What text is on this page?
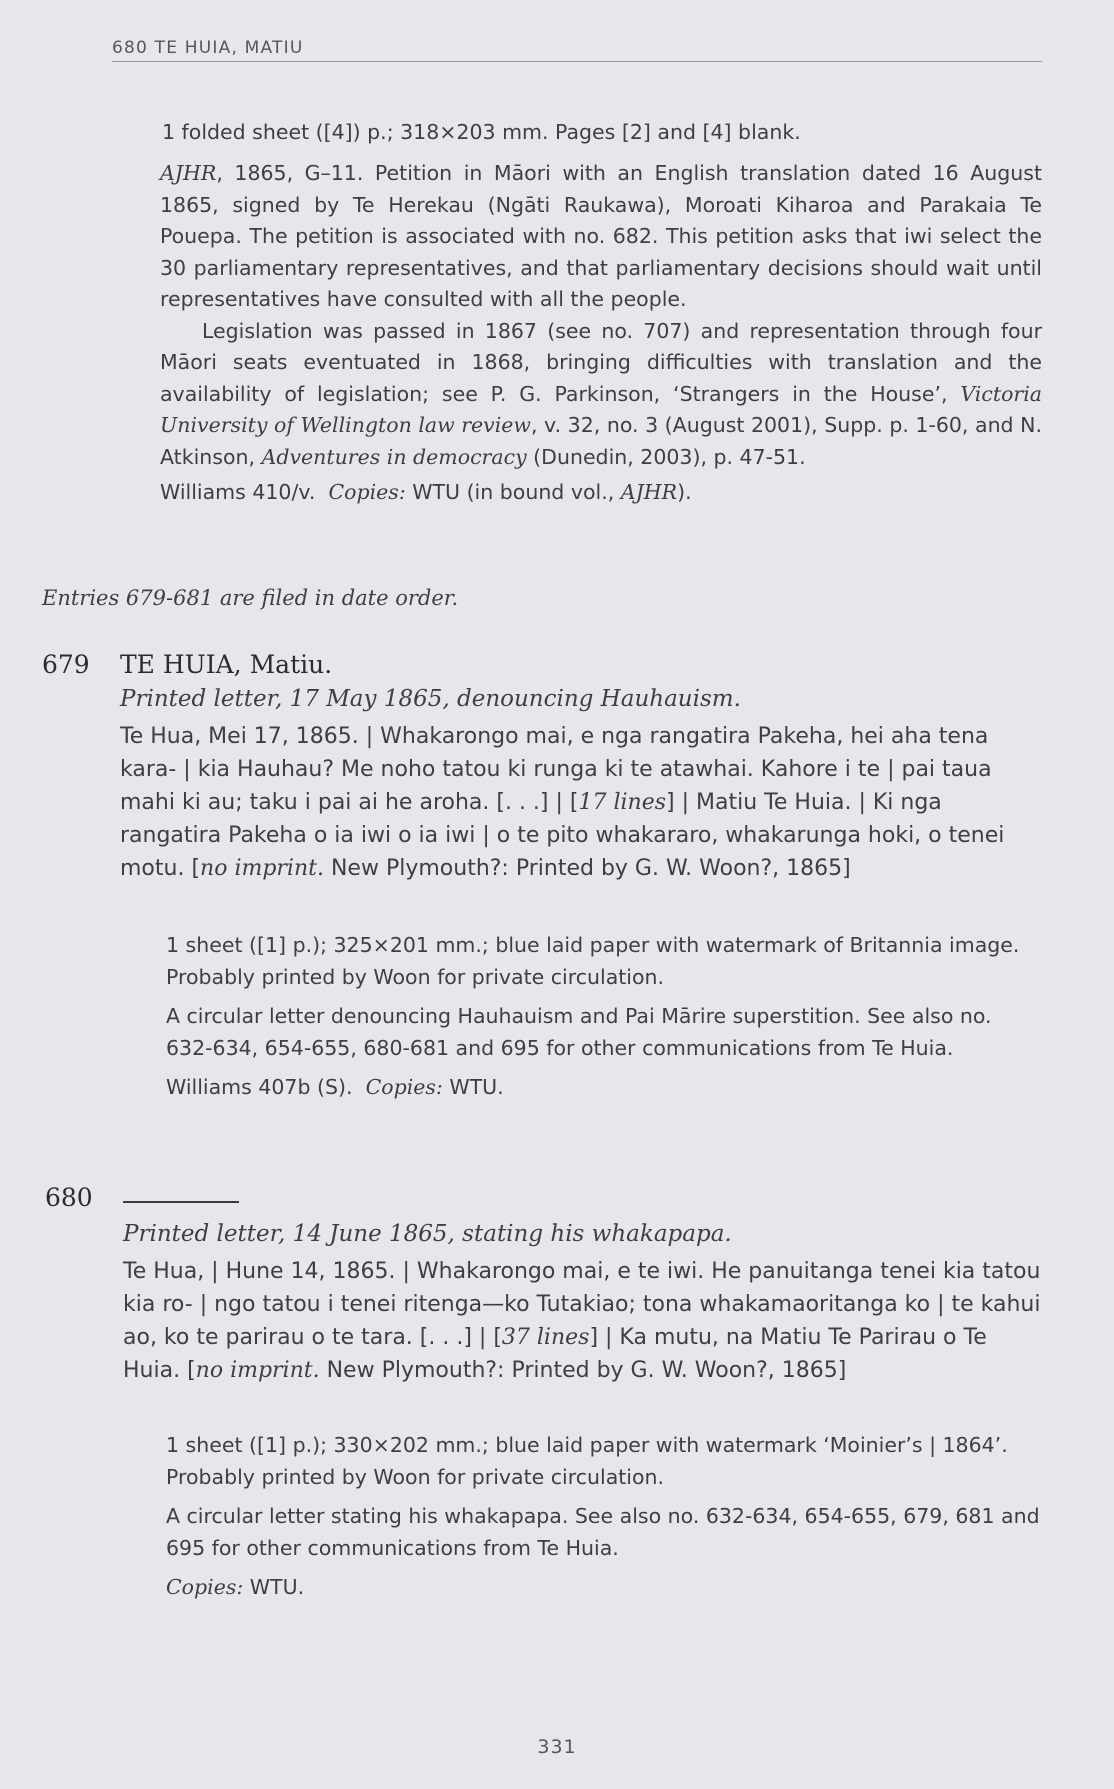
680 TE HUIA, MATIU

1 folded sheet ([4]) p.; 318×203 mm. Pages [2] and [4] blank.

AJHR, 1865, G–11. Petition in Māori with an English translation dated 16 August 1865, signed by Te Herekau (Ngāti Raukawa), Moroati Kiharoa and Parakaia Te Pouepa. The petition is associated with no. 682. This petition asks that iwi select the 30 parliamentary representatives, and that parliamentary decisions should wait until representatives have consulted with all the people.

Legislation was passed in 1867 (see no. 707) and representation through four Māori seats eventuated in 1868, bringing difficulties with translation and the availability of legislation; see P. G. Parkinson, ‘Strangers in the House’, Victoria University of Wellington law review, v. 32, no. 3 (August 2001), Supp. p. 1-60, and N. Atkinson, Adventures in democracy (Dunedin, 2003), p. 47-51.

Williams 410/v. Copies: WTU (in bound vol., AJHR).

Entries 679-681 are filed in date order.
679 TE HUIA, Matiu.
Printed letter, 17 May 1865, denouncing Hauhauism.

Te Hua, Mei 17, 1865. | Whakarongo mai, e nga rangatira Pakeha, hei aha tena kara- | kia Hauhau? Me noho tatou ki runga ki te atawhai. Kahore i te | pai taua mahi ki au; taku i pai ai he aroha. [. . .] | [17 lines] | Matiu Te Huia. | Ki nga rangatira Pakeha o ia iwi o ia iwi | o te pito whakararo, whakarunga hoki, o tenei motu. [no imprint. New Plymouth?: Printed by G. W. Woon?, 1865]

1 sheet ([1] p.); 325×201 mm.; blue laid paper with watermark of Britannia image. Probably printed by Woon for private circulation.

A circular letter denouncing Hauhauism and Pai Mārire superstition. See also no. 632-634, 654-655, 680-681 and 695 for other communications from Te Huia.

Williams 407b (S). Copies: WTU.

680
Printed letter, 14 June 1865, stating his whakapapa.

Te Hua, | Hune 14, 1865. | Whakarongo mai, e te iwi. He panuitanga tenei kia tatou kia ro- | ngo tatou i tenei ritenga—ko Tutakiao; tona whakamaoritanga ko | te kahui ao, ko te parirau o te tara. [. . .] | [37 lines] | Ka mutu, na Matiu Te Parirau o Te Huia. [no imprint. New Plymouth?: Printed by G. W. Woon?, 1865]

1 sheet ([1] p.); 330×202 mm.; blue laid paper with watermark ‘Moinier’s | 1864’. Probably printed by Woon for private circulation.

A circular letter stating his whakapapa. See also no. 632-634, 654-655, 679, 681 and 695 for other communications from Te Huia.

Copies: WTU.

331
